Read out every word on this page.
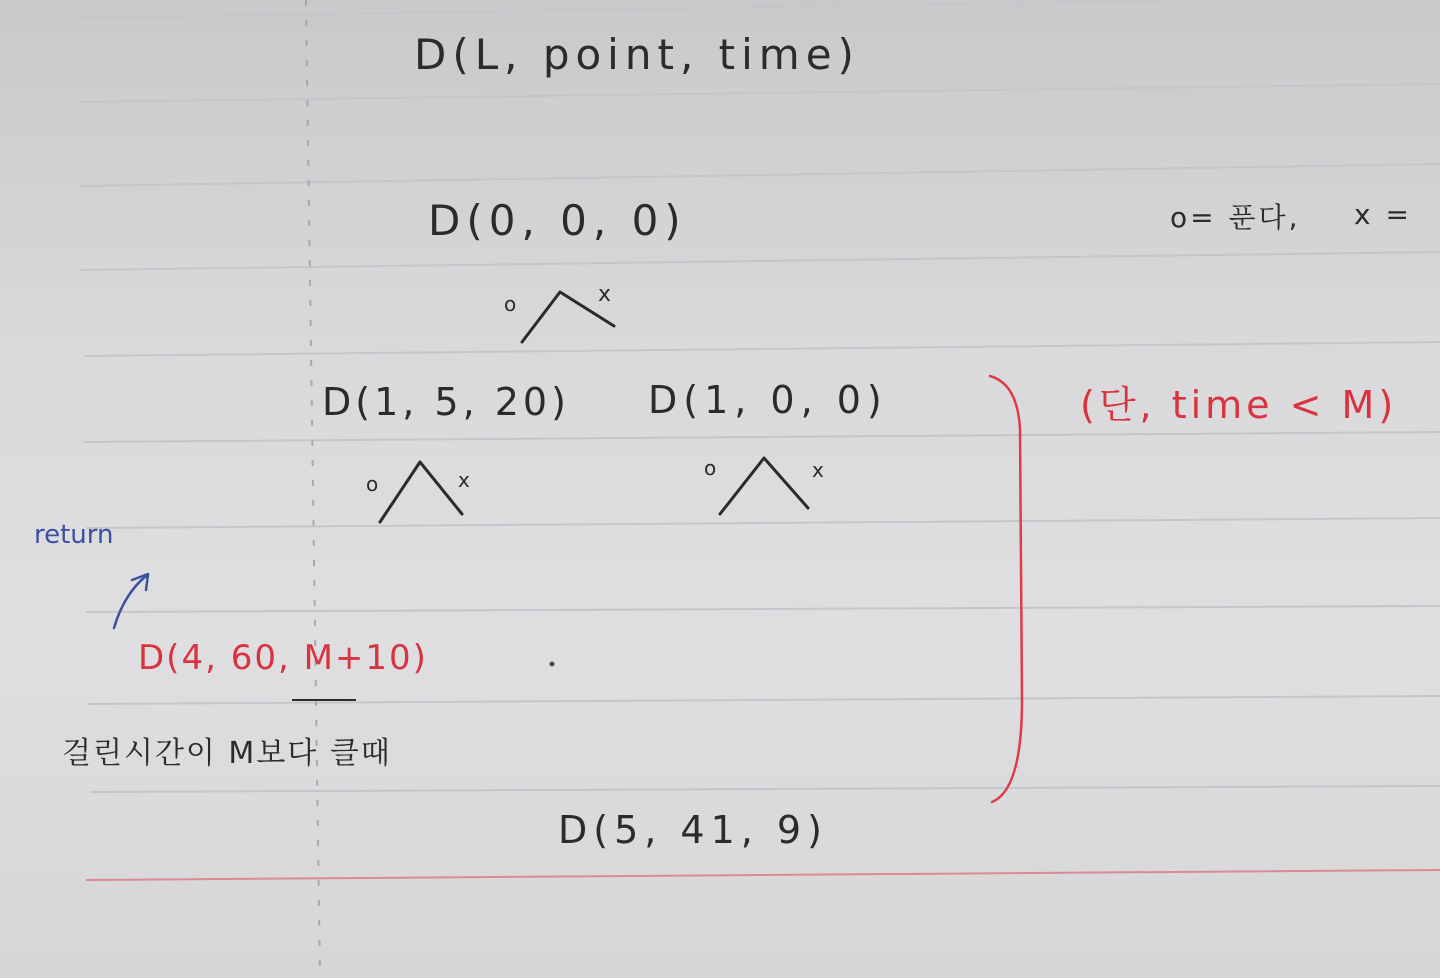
D(L, point, time)
D(0, 0, 0)	o= 푼다, x =
o	x
D(1, 5, 20) D(1, 0, 0)
o	x	o	x
(단, time < M)
return
D(4, 60, M+10)
걸린시간이 M보다 클때
D(5, 41, 9)
